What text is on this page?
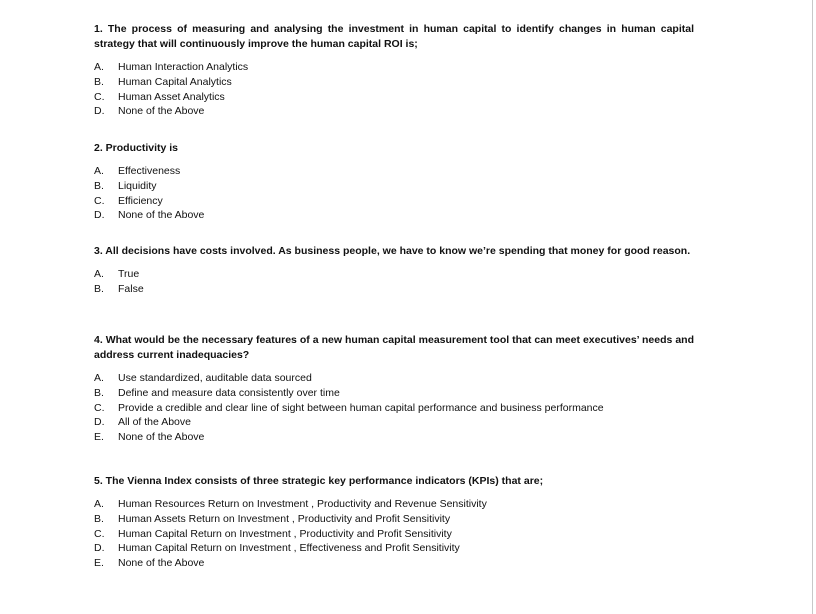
1. The process of measuring and analysing the investment in human capital to identify changes in human capital strategy that will continuously improve the human capital ROI is;

A.	Human Interaction Analytics
B.	Human Capital Analytics
C.	Human Asset Analytics
D.	None of the Above

2. Productivity is

A.	Effectiveness
B.	Liquidity
C.	Efficiency
D.	None of the Above

3. All decisions have costs involved. As business people, we have to know we’re spending that money for good reason.

A.	True
B.	False

4. What would be the necessary features of a new human capital measurement tool that can meet executives’ needs and address current inadequacies?

A.	Use standardized, auditable data sourced
B.	Define and measure data consistently over time
C.	Provide a credible and clear line of sight between human capital performance and business performance
D.	All of the Above
E.	None of the Above

5. The Vienna Index consists of three strategic key performance indicators (KPIs) that are;

A.	Human Resources Return on Investment , Productivity and Revenue Sensitivity
B.	Human Assets Return on Investment , Productivity and Profit Sensitivity
C.	Human Capital Return on Investment , Productivity and Profit Sensitivity
D.	Human Capital Return on Investment , Effectiveness and Profit Sensitivity
E.	None of the Above
